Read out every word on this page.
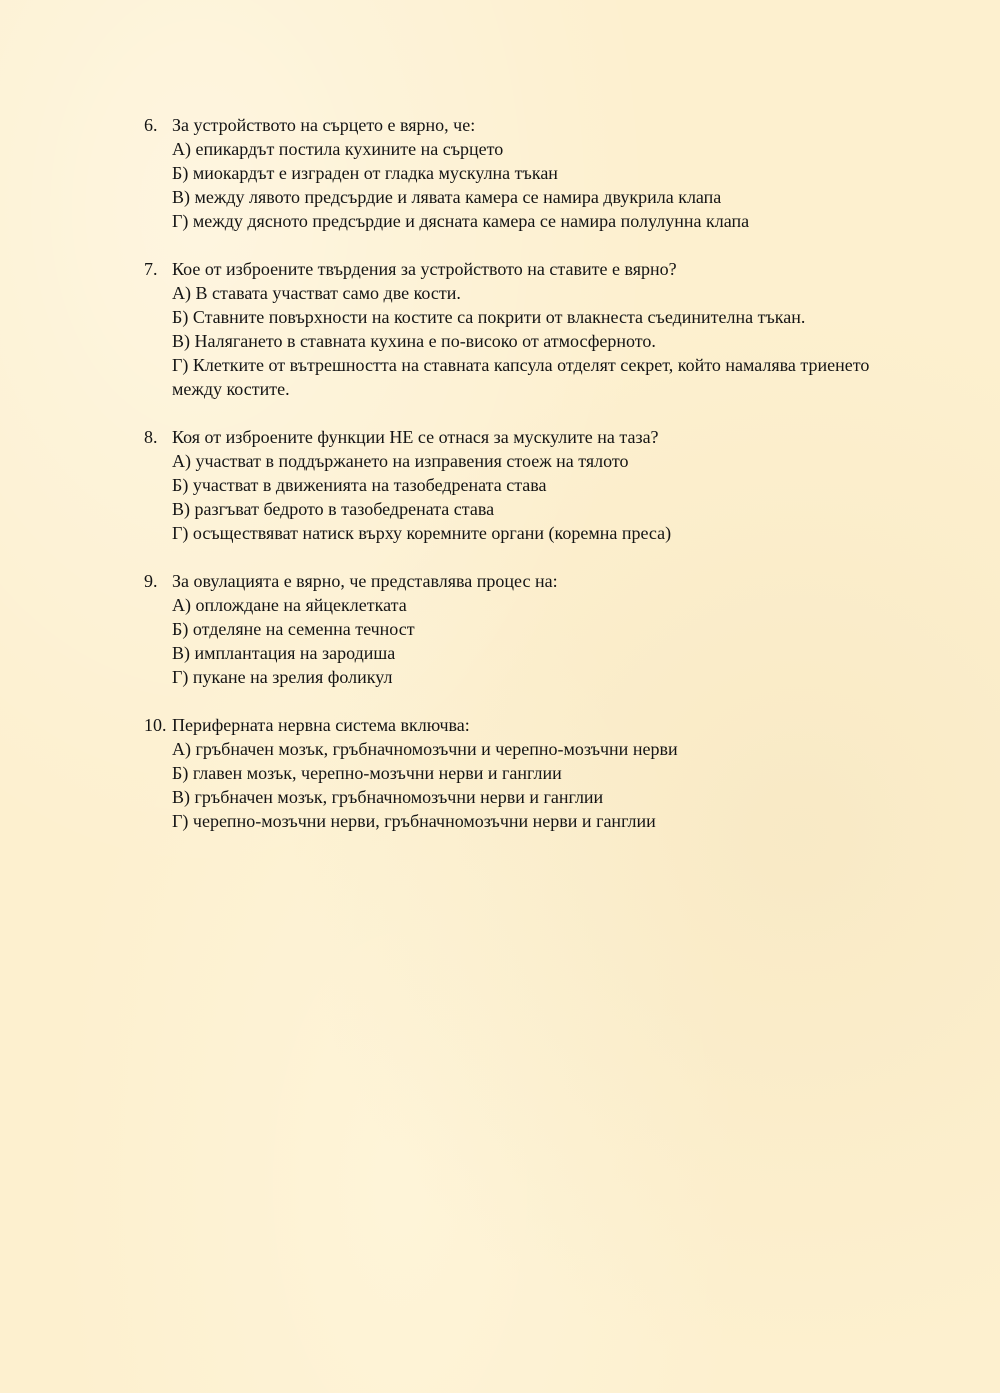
6. За устройството на сърцето е вярно, че:
А) епикардът постила кухините на сърцето
Б) миокардът е изграден от гладка мускулна тъкан
В) между лявото предсърдие и лявата камера се намира двукрила клапа
Г) между дясното предсърдие и дясната камера се намира полулунна клапа
7. Кое от изброените твърдения за устройството на ставите е вярно?
А) В ставата участват само две кости.
Б) Ставните повърхности на костите са покрити от влакнеста съединителна тъкан.
В) Налягането в ставната кухина е по-високо от атмосферното.
Г) Клетките от вътрешността на ставната капсула отделят секрет, който намалява триенето между костите.
8. Коя от изброените функции НЕ се отнася за мускулите на таза?
А) участват в поддържането на изправения стоеж на тялото
Б) участват в движенията на тазобедрената става
В) разгъват бедрото в тазобедрената става
Г) осъществяват натиск върху коремните органи (коремна преса)
9. За овулацията е вярно, че представлява процес на:
А) оплождане на яйцеклетката
Б) отделяне на семенна течност
В) имплантация на зародиша
Г) пукане на зрелия фоликул
10. Периферната нервна система включва:
А) гръбначен мозък, гръбначномозъчни и черепно-мозъчни нерви
Б) главен мозък, черепно-мозъчни нерви и ганглии
В) гръбначен мозък, гръбначномозъчни нерви и ганглии
Г) черепно-мозъчни нерви, гръбначномозъчни нерви и ганглии
